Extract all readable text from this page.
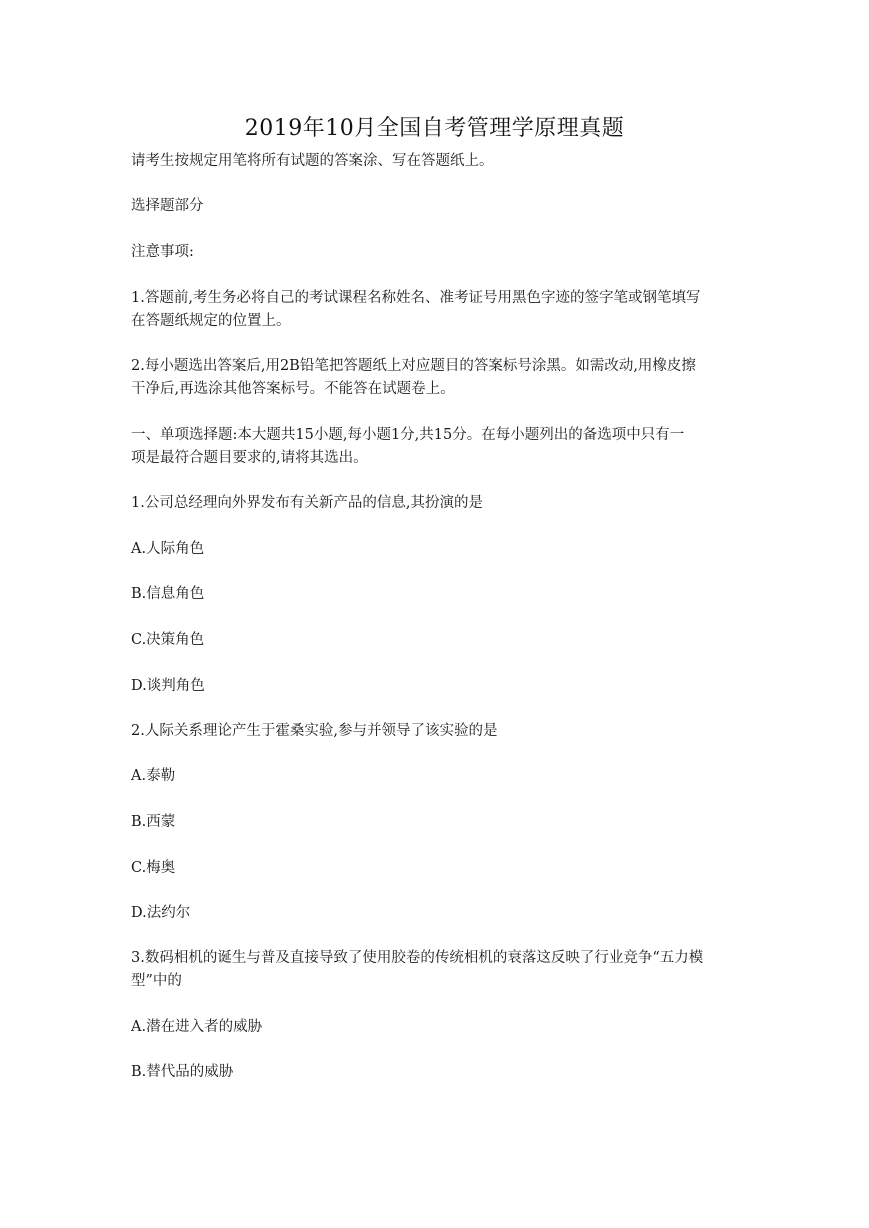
2019年10月全国自考管理学原理真题
请考生按规定用笔将所有试题的答案涂、写在答题纸上。
选择题部分
注意事项:
1.答题前,考生务必将自己的考试课程名称姓名、准考证号用黑色字迹的签字笔或钢笔填写
在答题纸规定的位置上。
2.每小题选出答案后,用2B铅笔把答题纸上对应题目的答案标号涂黑。如需改动,用橡皮擦
干净后,再选涂其他答案标号。不能答在试题卷上。
一、单项选择题:本大题共15小题,每小题1分,共15分。在每小题列出的备选项中只有一
项是最符合题目要求的,请将其选出。
1.公司总经理向外界发布有关新产品的信息,其扮演的是
A.人际角色
B.信息角色
C.决策角色
D.谈判角色
2.人际关系理论产生于霍桑实验,参与并领导了该实验的是
A.泰勒
B.西蒙
C.梅奥
D.法约尔
3.数码相机的诞生与普及直接导致了使用胶卷的传统相机的衰落这反映了行业竞争“五力模
型”中的
A.潜在进入者的威胁
B.替代品的威胁
